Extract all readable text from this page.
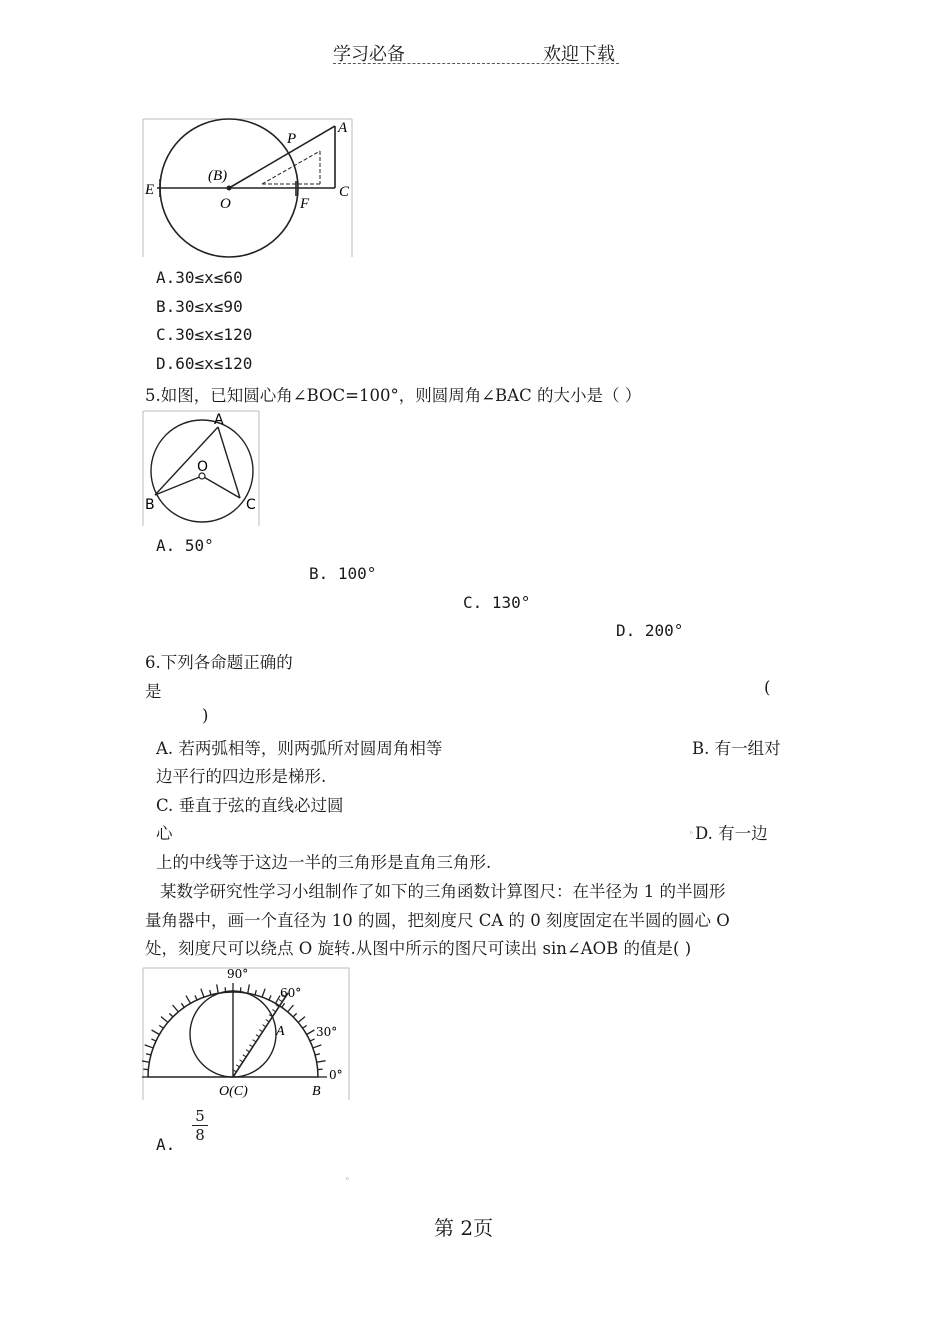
学习必备	欢迎下载
A
P
(B)
E
O	F
C
A.30≤x≤60
B.30≤x≤90
C.30≤x≤120
D.60≤x≤120
5.如图，已知圆心角∠BOC=100°，则圆周角∠BAC 的大小是（ ）
A
O
B	C
A. 50°
B. 100°
C. 130°
D. 200°
6.下列各命题正确的
是	(
)
A. 若两弧相等，则两弧所对圆周角相等	B. 有一组对
边平行的四边形是梯形.
C. 垂直于弦的直线必过圆
心	D. 有一边
上的中线等于这边一半的三角形是直角三角形.
某数学研究性学习小组制作了如下的三角函数计算图尺：在半径为 1 的半圆形
量角器中，画一个直径为 10 的圆，把刻度尺 CA 的 0 刻度固定在半圆的圆心 O
处，刻度尺可以绕点 O 旋转.从图中所示的图尺可读出 sin∠AOB 的值是( )
90°
60°
30°
0°
A
O(C)	B
A.
5
8
ⁿ
ⁿ
第 2页
